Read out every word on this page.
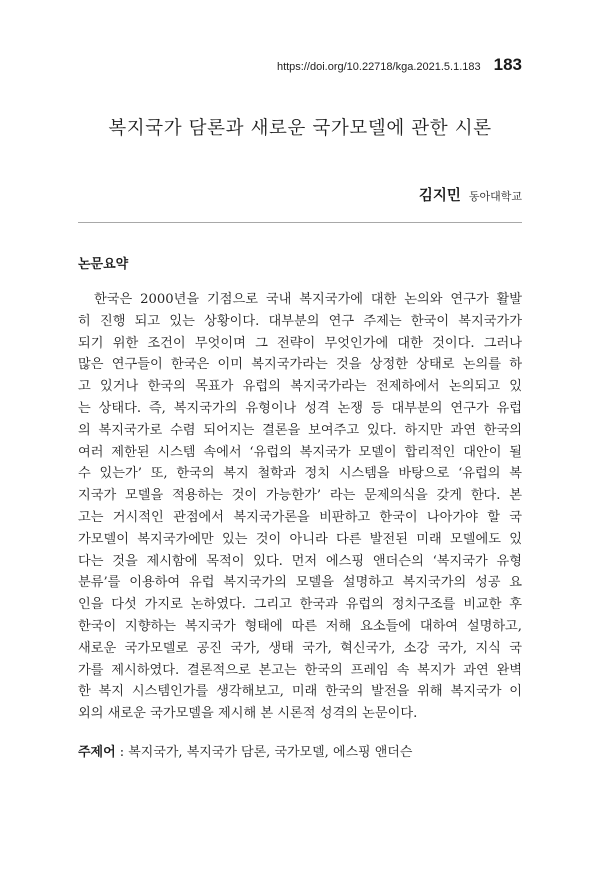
https://doi.org/10.22718/kga.2021.5.1.183 183
복지국가 담론과 새로운 국가모델에 관한 시론
김지민 동아대학교
논문요약
한국은 2000년을 기점으로 국내 복지국가에 대한 논의와 연구가 활발
히 진행 되고 있는 상황이다. 대부분의 연구 주제는 한국이 복지국가가
되기 위한 조건이 무엇이며 그 전략이 무엇인가에 대한 것이다. 그러나
많은 연구들이 한국은 이미 복지국가라는 것을 상정한 상태로 논의를 하
고 있거나 한국의 목표가 유럽의 복지국가라는 전제하에서 논의되고 있
는 상태다. 즉, 복지국가의 유형이나 성격 논쟁 등 대부분의 연구가 유럽
의 복지국가로 수렴 되어지는 결론을 보여주고 있다. 하지만 과연 한국의
여러 제한된 시스템 속에서 ‘유럽의 복지국가 모델이 합리적인 대안이 될
수 있는가’ 또, 한국의 복지 철학과 정치 시스템을 바탕으로 ‘유럽의 복
지국가 모델을 적용하는 것이 가능한가’ 라는 문제의식을 갖게 한다. 본
고는 거시적인 관점에서 복지국가론을 비판하고 한국이 나아가야 할 국
가모델이 복지국가에만 있는 것이 아니라 다른 발전된 미래 모델에도 있
다는 것을 제시함에 목적이 있다. 먼저 에스핑 앤더슨의 ‘복지국가 유형
분류’를 이용하여 유럽 복지국가의 모델을 설명하고 복지국가의 성공 요
인을 다섯 가지로 논하였다. 그리고 한국과 유럽의 정치구조를 비교한 후
한국이 지향하는 복지국가 형태에 따른 저해 요소들에 대하여 설명하고,
새로운 국가모델로 공진 국가, 생태 국가, 혁신국가, 소강 국가, 지식 국
가를 제시하였다. 결론적으로 본고는 한국의 프레임 속 복지가 과연 완벽
한 복지 시스템인가를 생각해보고, 미래 한국의 발전을 위해 복지국가 이
외의 새로운 국가모델을 제시해 본 시론적 성격의 논문이다.
주제어 : 복지국가, 복지국가 담론, 국가모델, 에스핑 앤더슨
